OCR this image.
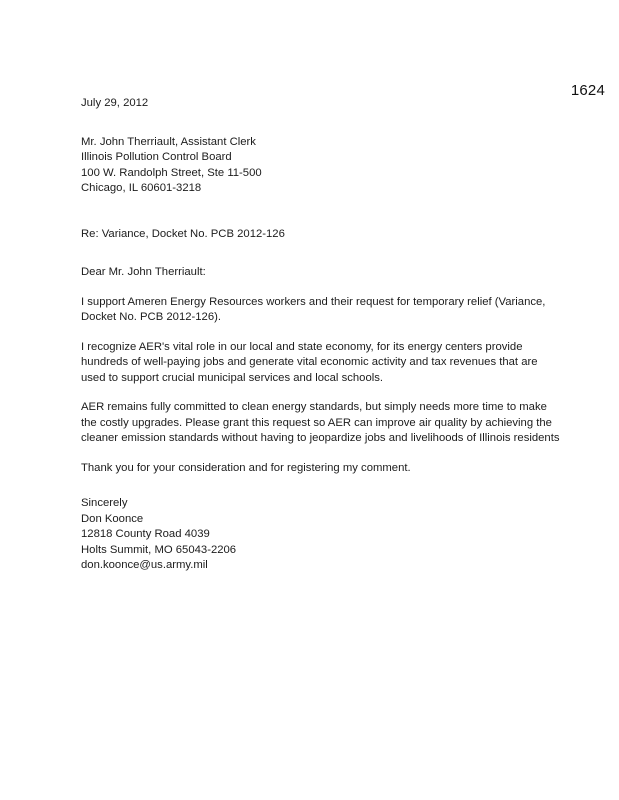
1624
July 29, 2012
Mr. John Therriault, Assistant Clerk
Illinois Pollution Control Board
100 W. Randolph Street, Ste 11-500
Chicago, IL 60601-3218
Re: Variance, Docket No. PCB 2012-126
Dear Mr. John Therriault:
I support Ameren Energy Resources workers and their request for temporary relief (Variance,
Docket No. PCB 2012-126).
I recognize AER's vital role in our local and state economy, for its energy centers provide
hundreds of well-paying jobs and generate vital economic activity and tax revenues that are
used to support crucial municipal services and local schools.
AER remains fully committed to clean energy standards, but simply needs more time to make
the costly upgrades. Please grant this request so AER can improve air quality by achieving the
cleaner emission standards without having to jeopardize jobs and livelihoods of Illinois residents
Thank you for your consideration and for registering my comment.
Sincerely
Don Koonce
12818 County Road 4039
Holts Summit, MO 65043-2206
don.koonce@us.army.mil
